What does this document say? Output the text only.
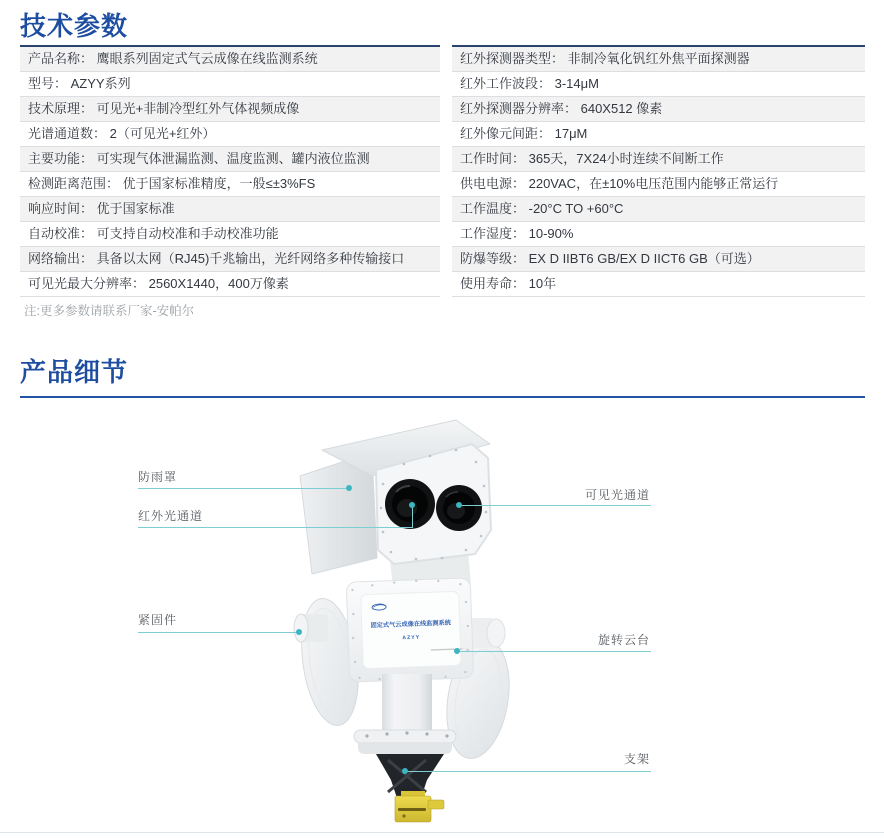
技术参数
产品名称： 鹰眼系列固定式气云成像在线监测系统
型号： AZYY系列
技术原理： 可见光+非制冷型红外气体视频成像
光谱通道数： 2（可见光+红外）
主要功能： 可实现气体泄漏监测、温度监测、罐内液位监测
检测距离范围： 优于国家标准精度，一般≤±3%FS
响应时间： 优于国家标准
自动校准： 可支持自动校准和手动校准功能
网络输出： 具备以太网（RJ45)千兆输出，光纤网络多种传输接口
可见光最大分辨率： 2560X1440，400万像素
红外探测器类型： 非制冷氧化钒红外焦平面探测器
红外工作波段： 3-14μM
红外探测器分辨率： 640X512 像素
红外像元间距： 17μM
工作时间： 365天，7X24小时连续不间断工作
供电电源： 220VAC，在±10%电压范围内能够正常运行
工作温度： -20°C TO +60°C
工作湿度： 10-90%
防爆等级： EX D IIBT6 GB/EX D IICT6 GB（可选）
使用寿命： 10年
注:更多参数请联系厂家-安帕尔
产品细节
固定式气云成像在线监测系统
AZYY
防雨罩
红外光通道
可见光通道
紧固件
旋转云台
支架
